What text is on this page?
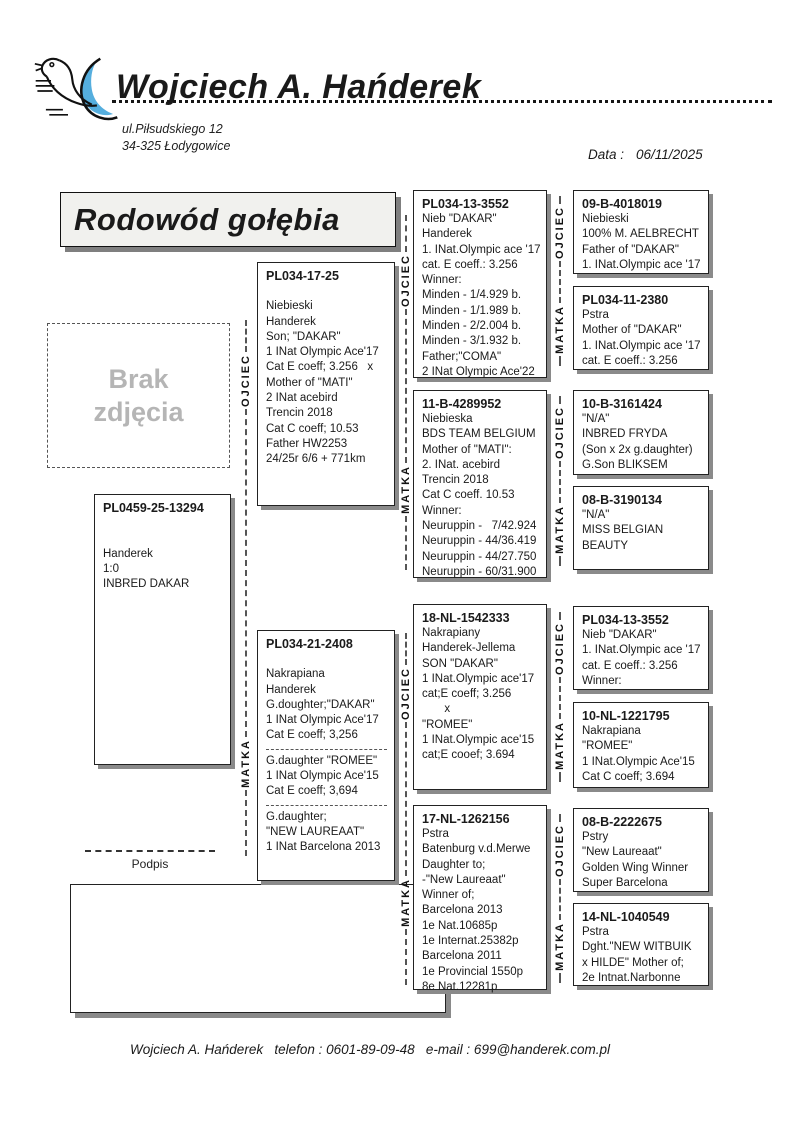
Wojciech A. Hańderek
ul.Piłsudskiego 12
34-325 Łodygowice
Data : 06/11/2025
Rodowód gołębia
Brak
zdjęcia
PL0459-25-13294

Handerek
1:0
INBRED DAKAR
PL034-17-25

Niebieski
Handerek
Son; "DAKAR"
1 INat Olympic Ace'17
Cat E coeff; 3.256   x
Mother of "MATI"
2 INat acebird
Trencin 2018
Cat C coeff; 10.53
Father HW2253
24/25r 6/6 + 771km
PL034-21-2408

Nakrapiana
Handerek
G.doughter;"DAKAR"
1 INat Olympic Ace'17
Cat E coeff; 3,256
G.daughter "ROMEE"
1 INat Olympic Ace'15
Cat E coeff; 3,694
G.daughter;
"NEW LAUREAAT"
1 INat Barcelona 2013
PL034-13-3552
Nieb "DAKAR"
Handerek
1. INat.Olympic ace '17
cat. E coeff.: 3.256
Winner:
Minden - 1/4.929 b.
Minden - 1/1.989 b.
Minden - 2/2.004 b.
Minden - 3/1.932 b.
Father;"COMA"
2 INat Olympic Ace'22
11-B-4289952
Niebieska
BDS TEAM BELGIUM
Mother of "MATI":
2. INat. acebird
Trencin 2018
Cat C coeff. 10.53
Winner:
Neuruppin -   7/42.924
Neuruppin - 44/36.419
Neuruppin - 44/27.750
Neuruppin - 60/31.900
18-NL-1542333
Nakrapiany
Handerek-Jellema
SON "DAKAR"
1 INat.Olympic ace'17
cat;E coeff; 3.256
x
"ROMEE"
1 INat.Olympic ace'15
cat;E cooef; 3.694
17-NL-1262156
Pstra
Batenburg v.d.Merwe
Daughter to;
-"New Laureaat"
Winner of;
Barcelona 2013
1e Nat.10685p
1e Internat.25382p
Barcelona 2011
1e Provincial 1550p
8e Nat.12281p
09-B-4018019
Niebieski
100% M. AELBRECHT
Father of "DAKAR"
1. INat.Olympic ace '17
PL034-11-2380
Pstra
Mother of "DAKAR"
1. INat.Olympic ace '17
cat. E coeff.: 3.256
10-B-3161424
"N/A"
INBRED FRYDA
(Son x 2x g.daughter)
G.Son BLIKSEM
08-B-3190134
"N/A"
MISS BELGIAN
BEAUTY
PL034-13-3552
Nieb "DAKAR"
1. INat.Olympic ace '17
cat. E coeff.: 3.256
Winner:
10-NL-1221795
Nakrapiana
"ROMEE"
1 INat.Olympic Ace'15
Cat C coeff; 3.694
08-B-2222675
Pstry
"New Laureaat"
Golden Wing Winner
Super Barcelona
14-NL-1040549
Pstra
Dght."NEW WITBUIK
x HILDE" Mother of;
2e Intnat.Narbonne
OJCIEC
MATKA
OJCIEC
MATKA
OJCIEC
MATKA
OJCIEC
MATKA
OJCIEC
MATKA
OJCIEC
MATKA
OJCIEC
MATKA
Podpis
Wojciech A. Hańderek   telefon : 0601-89-09-48   e-mail : 699@handerek.com.pl
